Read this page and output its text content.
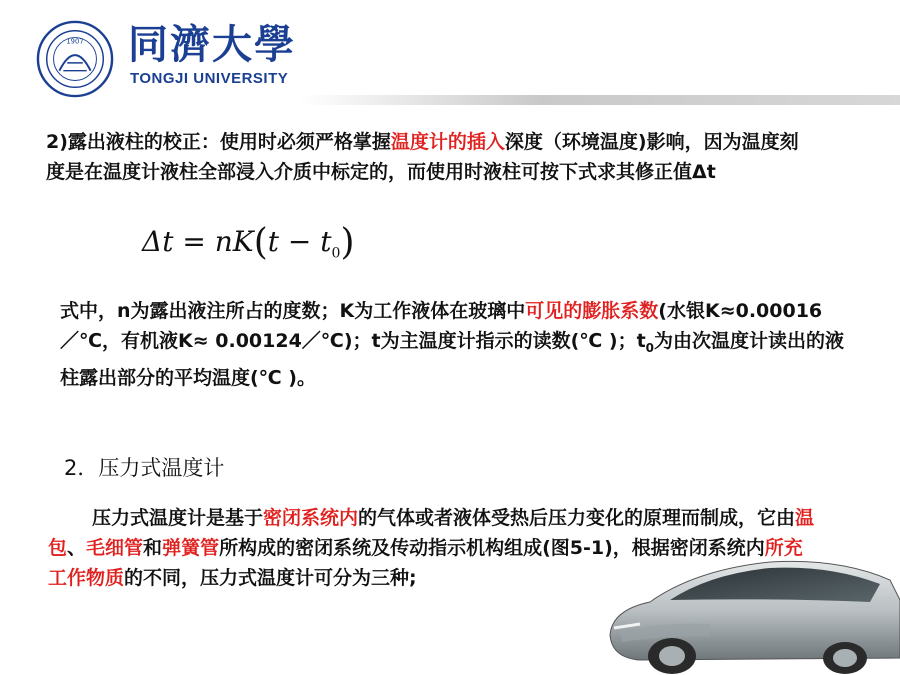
1907 同濟大學
TONGJI UNIVERSITY

2)露出液柱的校正：使用时必须严格掌握温度计的插入深度（环境温度)影响，因为温度刻度是在温度计液柱全部浸入介质中标定的，而使用时液柱可按下式求其修正值Δt

$\Delta t = nK(t - t_0)$

式中，n为露出液注所占的度数；K为工作液体在玻璃中可见的膨胀系数(水银K≈0.00016／℃，有机液K≈ 0.00124／℃)；t为主温度计指示的读数(℃ )；$t_0$为由次温度计读出的液柱露出部分的平均温度(℃ )。

2．压力式温度计

压力式温度计是基于密闭系统内的气体或者液体受热后压力变化的原理而制成，它由温包、毛细管和弹簧管所构成的密闭系统及传动指示机构组成(图5-1)，根据密闭系统内所充工作物质的不同，压力式温度计可分为三种;
